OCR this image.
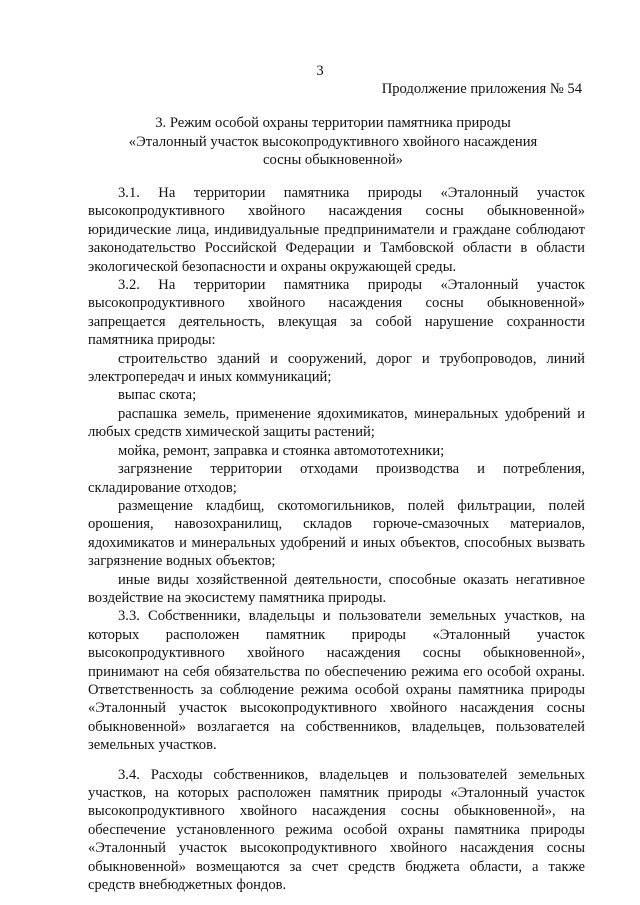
3
Продолжение приложения № 54
3. Режим особой охраны территории памятника природы
«Эталонный участок высокопродуктивного хвойного насаждения
сосны обыкновенной»

3.1. На территории памятника природы «Эталонный участок высокопродуктивного хвойного насаждения сосны обыкновенной» юридические лица, индивидуальные предприниматели и граждане соблюдают законодательство Российской Федерации и Тамбовской области в области экологической безопасности и охраны окружающей среды.

3.2. На территории памятника природы «Эталонный участок высокопродуктивного хвойного насаждения сосны обыкновенной» запрещается деятельность, влекущая за собой нарушение сохранности памятника природы:

строительство зданий и сооружений, дорог и трубопроводов, линий электропередач и иных коммуникаций;

выпас скота;

распашка земель, применение ядохимикатов, минеральных удобрений и любых средств химической защиты растений;

мойка, ремонт, заправка и стоянка автомототехники;

загрязнение территории отходами производства и потребления, складирование отходов;

размещение кладбищ, скотомогильников, полей фильтрации, полей орошения, навозохранилищ, складов горюче-смазочных материалов, ядохимикатов и минеральных удобрений и иных объектов, способных вызвать загрязнение водных объектов;

иные виды хозяйственной деятельности, способные оказать негативное воздействие на экосистему памятника природы.

3.3. Собственники, владельцы и пользователи земельных участков, на которых расположен памятник природы «Эталонный участок высокопродуктивного хвойного насаждения сосны обыкновенной», принимают на себя обязательства по обеспечению режима его особой охраны. Ответственность за соблюдение режима особой охраны памятника природы «Эталонный участок высокопродуктивного хвойного насаждения сосны обыкновенной» возлагается на собственников, владельцев, пользователей земельных участков.

3.4. Расходы собственников, владельцев и пользователей земельных участков, на которых расположен памятник природы «Эталонный участок высокопродуктивного хвойного насаждения сосны обыкновенной», на обеспечение установленного режима особой охраны памятника природы «Эталонный участок высокопродуктивного хвойного насаждения сосны обыкновенной» возмещаются за счет средств бюджета области, а также средств внебюджетных фондов.
